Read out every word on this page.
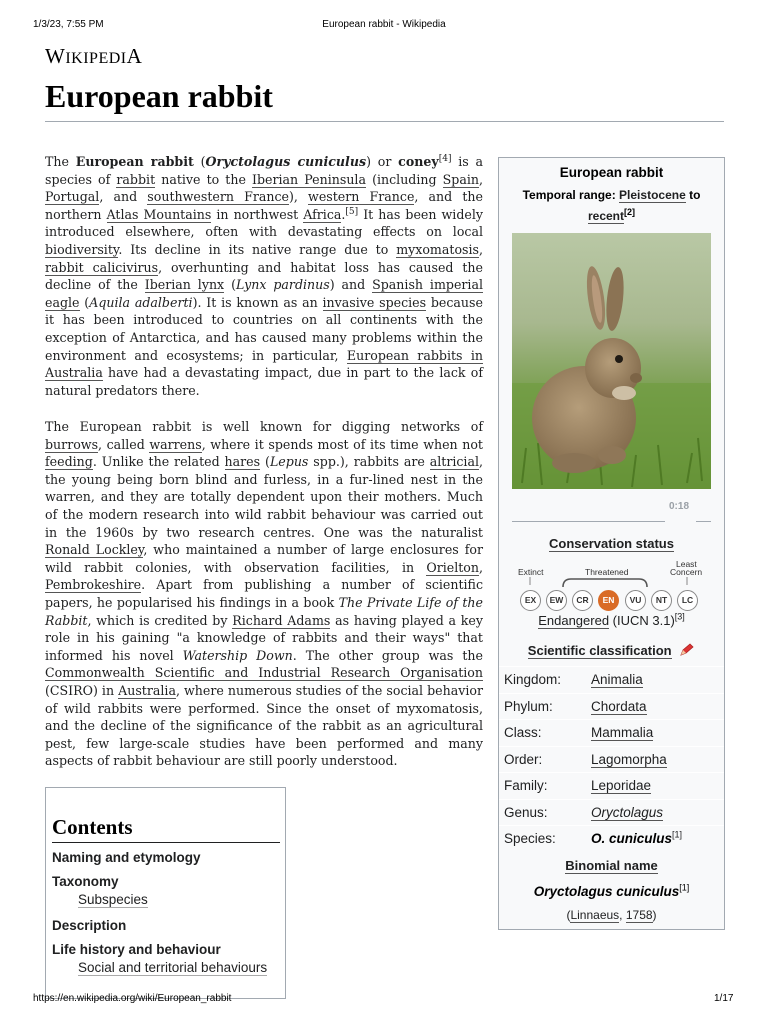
1/3/23, 7:55 PM	European rabbit - Wikipedia
WIKIPEDIA
European rabbit
The European rabbit (Oryctolagus cuniculus) or coney[4] is a species of rabbit native to the Iberian Peninsula (including Spain, Portugal, and southwestern France), western France, and the northern Atlas Mountains in northwest Africa.[5] It has been widely introduced elsewhere, often with devastating effects on local biodiversity. Its decline in its native range due to myxomatosis, rabbit calicivirus, overhunting and habitat loss has caused the decline of the Iberian lynx (Lynx pardinus) and Spanish imperial eagle (Aquila adalberti). It is known as an invasive species because it has been introduced to countries on all continents with the exception of Antarctica, and has caused many problems within the environment and ecosystems; in particular, European rabbits in Australia have had a devastating impact, due in part to the lack of natural predators there.
The European rabbit is well known for digging networks of burrows, called warrens, where it spends most of its time when not feeding. Unlike the related hares (Lepus spp.), rabbits are altricial, the young being born blind and furless, in a fur-lined nest in the warren, and they are totally dependent upon their mothers. Much of the modern research into wild rabbit behaviour was carried out in the 1960s by two research centres. One was the naturalist Ronald Lockley, who maintained a number of large enclosures for wild rabbit colonies, with observation facilities, in Orielton, Pembrokeshire. Apart from publishing a number of scientific papers, he popularised his findings in a book The Private Life of the Rabbit, which is credited by Richard Adams as having played a key role in his gaining "a knowledge of rabbits and their ways" that informed his novel Watership Down. The other group was the Commonwealth Scientific and Industrial Research Organisation (CSIRO) in Australia, where numerous studies of the social behavior of wild rabbits were performed. Since the onset of myxomatosis, and the decline of the significance of the rabbit as an agricultural pest, few large-scale studies have been performed and many aspects of rabbit behaviour are still poorly understood.
European rabbit
Temporal range: Pleistocene to
recent[2]
0:18
Conservation status
Extinct	Threatened
Least
Concern
EX	EW	CR	EN	VU	NT	LC
Endangered (IUCN 3.1)[3]
Scientific classification
Kingdom: Animalia
Phylum:	Chordata
Class:	Mammalia
Order:	Lagomorpha
Family:	Leporidae
Genus:	Oryctolagus
Species:	O. cuniculus[1]
Binomial name
Oryctolagus cuniculus[1]
(Linnaeus, 1758)
Contents
Naming and etymology
Taxonomy
Subspecies
Description
Life history and behaviour
Social and territorial behaviours
https://en.wikipedia.org/wiki/European_rabbit	1/17
